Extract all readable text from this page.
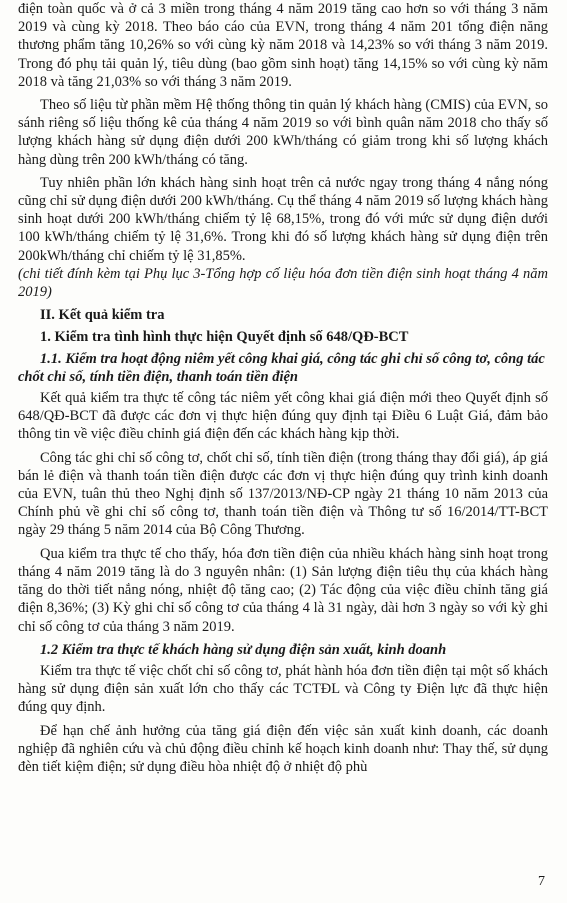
điện toàn quốc và ở cả 3 miền trong tháng 4 năm 2019 tăng cao hơn so với tháng 3 năm 2019 và cùng kỳ 2018. Theo báo cáo của EVN, trong tháng 4 năm 201 tổng điện năng thương phẩm tăng 10,26% so với cùng kỳ năm 2018 và 14,23% so với tháng 3 năm 2019. Trong đó phụ tải quản lý, tiêu dùng (bao gồm sinh hoạt) tăng 14,15% so với cùng kỳ năm 2018 và tăng 21,03% so với tháng 3 năm 2019.

Theo số liệu từ phần mềm Hệ thống thông tin quản lý khách hàng (CMIS) của EVN, so sánh riêng số liệu thống kê của tháng 4 năm 2019 so với bình quân năm 2018 cho thấy số lượng khách hàng sử dụng điện dưới 200 kWh/tháng có giảm trong khi số lượng khách hàng dùng trên 200 kWh/tháng có tăng.

Tuy nhiên phần lớn khách hàng sinh hoạt trên cả nước ngay trong tháng 4 nắng nóng cũng chỉ sử dụng điện dưới 200 kWh/tháng. Cụ thể tháng 4 năm 2019 số lượng khách hàng sinh hoạt dưới 200 kWh/tháng chiếm tỷ lệ 68,15%, trong đó với mức sử dụng điện dưới 100 kWh/tháng chiếm tỷ lệ 31,6%. Trong khi đó số lượng khách hàng sử dụng điện trên 200kWh/tháng chỉ chiếm tỷ lệ 31,85%.

(chi tiết đính kèm tại Phụ lục 3-Tổng hợp cố liệu hóa đơn tiền điện sinh hoạt tháng 4 năm 2019)

II. Kết quả kiểm tra
1. Kiểm tra tình hình thực hiện Quyết định số 648/QĐ-BCT
1.1. Kiểm tra hoạt động niêm yết công khai giá, công tác ghi chỉ số công tơ, công tác chốt chỉ số, tính tiền điện, thanh toán tiền điện

Kết quả kiểm tra thực tế công tác niêm yết công khai giá điện mới theo Quyết định số 648/QĐ-BCT đã được các đơn vị thực hiện đúng quy định tại Điều 6 Luật Giá, đảm bảo thông tin về việc điều chỉnh giá điện đến các khách hàng kịp thời.

Công tác ghi chỉ số công tơ, chốt chỉ số, tính tiền điện (trong tháng thay đổi giá), áp giá bán lẻ điện và thanh toán tiền điện được các đơn vị thực hiện đúng quy trình kinh doanh của EVN, tuân thủ theo Nghị định số 137/2013/NĐ-CP ngày 21 tháng 10 năm 2013 của Chính phủ về ghi chỉ số công tơ, thanh toán tiền điện và Thông tư số 16/2014/TT-BCT ngày 29 tháng 5 năm 2014 của Bộ Công Thương.

Qua kiểm tra thực tế cho thấy, hóa đơn tiền điện của nhiều khách hàng sinh hoạt trong tháng 4 năm 2019 tăng là do 3 nguyên nhân: (1) Sản lượng điện tiêu thụ của khách hàng tăng do thời tiết nắng nóng, nhiệt độ tăng cao; (2) Tác động của việc điều chỉnh tăng giá điện 8,36%; (3) Kỳ ghi chỉ số công tơ của tháng 4 là 31 ngày, dài hơn 3 ngày so với kỳ ghi chỉ số công tơ của tháng 3 năm 2019.

1.2 Kiểm tra thực tế khách hàng sử dụng điện sản xuất, kinh doanh

Kiểm tra thực tế việc chốt chỉ số công tơ, phát hành hóa đơn tiền điện tại một số khách hàng sử dụng điện sản xuất lớn cho thấy các TCTĐL và Công ty Điện lực đã thực hiện đúng quy định.

Để hạn chế ảnh hưởng của tăng giá điện đến việc sản xuất kinh doanh, các doanh nghiệp đã nghiên cứu và chủ động điều chỉnh kế hoạch kinh doanh như: Thay thế, sử dụng đèn tiết kiệm điện; sử dụng điều hòa nhiệt độ ở nhiệt độ phù

7
